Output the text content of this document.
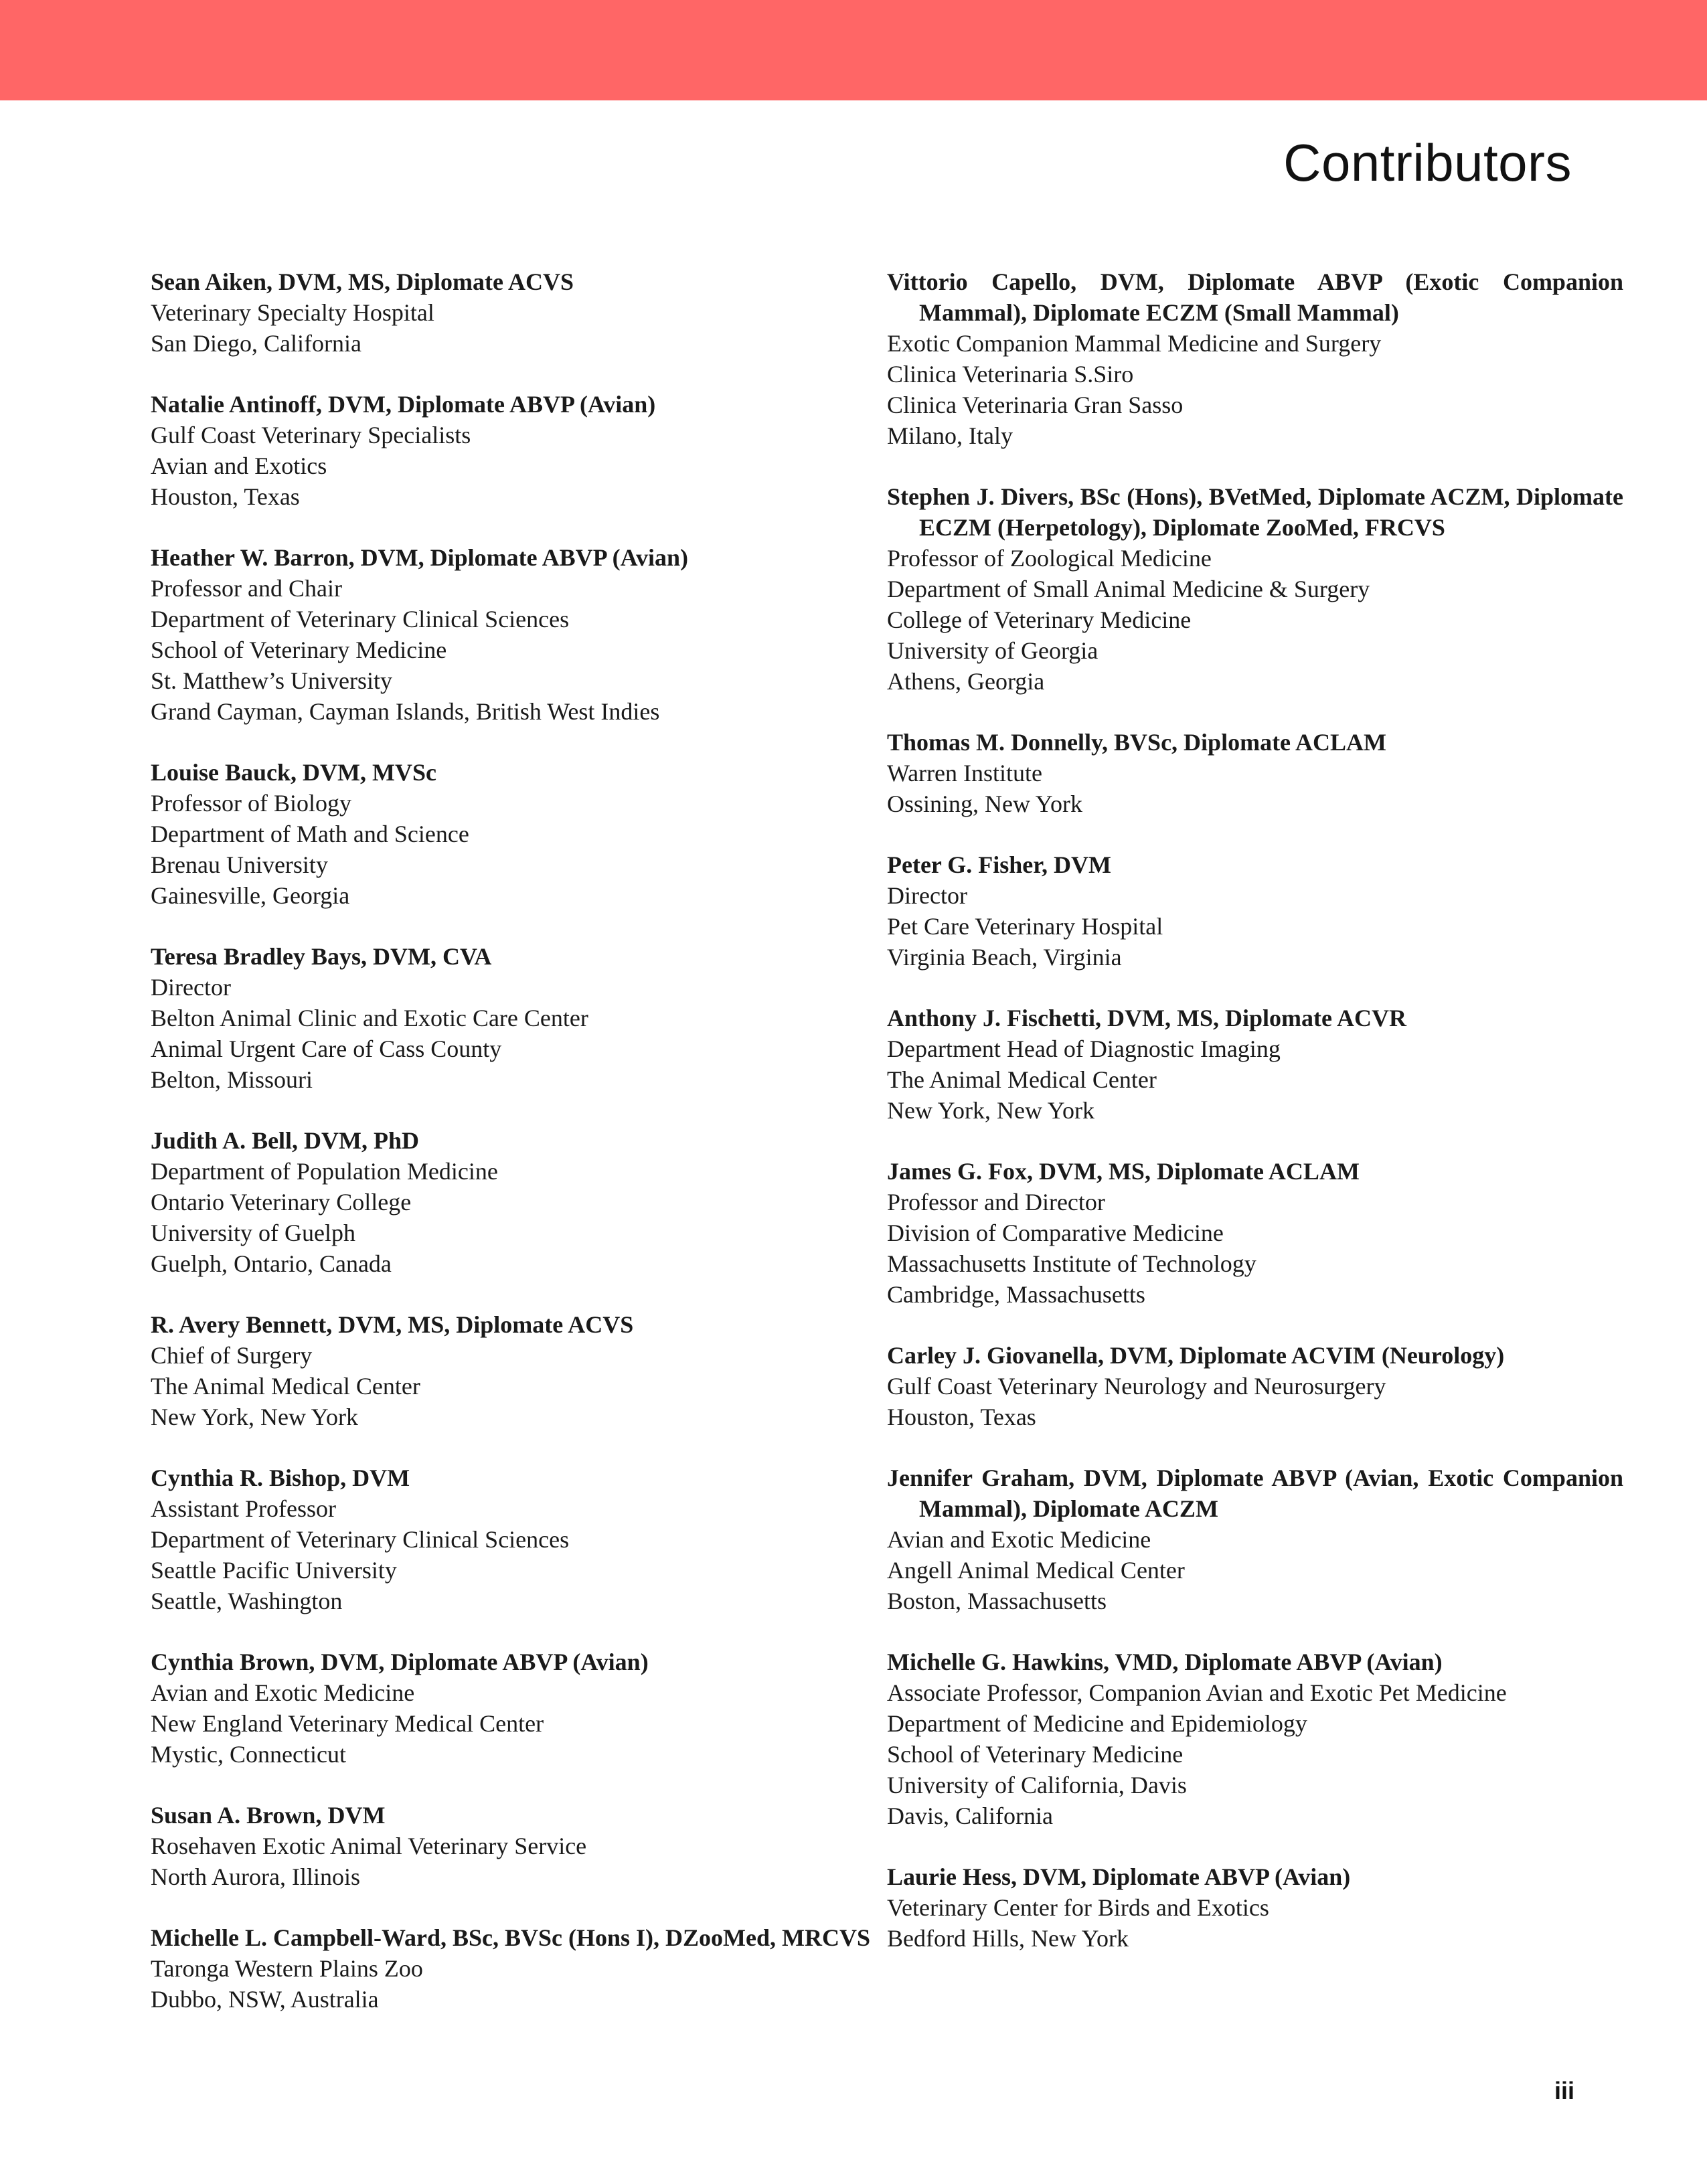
Contributors
Sean Aiken, DVM, MS, Diplomate ACVS
Veterinary Specialty Hospital
San Diego, California
Natalie Antinoff, DVM, Diplomate ABVP (Avian)
Gulf Coast Veterinary Specialists
Avian and Exotics
Houston, Texas
Heather W. Barron, DVM, Diplomate ABVP (Avian)
Professor and Chair
Department of Veterinary Clinical Sciences
School of Veterinary Medicine
St. Matthew’s University
Grand Cayman, Cayman Islands, British West Indies
Louise Bauck, DVM, MVSc
Professor of Biology
Department of Math and Science
Brenau University
Gainesville, Georgia
Teresa Bradley Bays, DVM, CVA
Director
Belton Animal Clinic and Exotic Care Center
Animal Urgent Care of Cass County
Belton, Missouri
Judith A. Bell, DVM, PhD
Department of Population Medicine
Ontario Veterinary College
University of Guelph
Guelph, Ontario, Canada
R. Avery Bennett, DVM, MS, Diplomate ACVS
Chief of Surgery
The Animal Medical Center
New York, New York
Cynthia R. Bishop, DVM
Assistant Professor
Department of Veterinary Clinical Sciences
Seattle Pacific University
Seattle, Washington
Cynthia Brown, DVM, Diplomate ABVP (Avian)
Avian and Exotic Medicine
New England Veterinary Medical Center
Mystic, Connecticut
Susan A. Brown, DVM
Rosehaven Exotic Animal Veterinary Service
North Aurora, Illinois
Michelle L. Campbell-Ward, BSc, BVSc (Hons I), DZooMed, MRCVS
Taronga Western Plains Zoo
Dubbo, NSW, Australia
Vittorio Capello, DVM, Diplomate ABVP (Exotic Companion Mammal), Diplomate ECZM (Small Mammal)
Exotic Companion Mammal Medicine and Surgery
Clinica Veterinaria S.Siro
Clinica Veterinaria Gran Sasso
Milano, Italy
Stephen J. Divers, BSc (Hons), BVetMed, Diplomate ACZM, Diplomate ECZM (Herpetology), Diplomate ZooMed, FRCVS
Professor of Zoological Medicine
Department of Small Animal Medicine & Surgery
College of Veterinary Medicine
University of Georgia
Athens, Georgia
Thomas M. Donnelly, BVSc, Diplomate ACLAM
Warren Institute
Ossining, New York
Peter G. Fisher, DVM
Director
Pet Care Veterinary Hospital
Virginia Beach, Virginia
Anthony J. Fischetti, DVM, MS, Diplomate ACVR
Department Head of Diagnostic Imaging
The Animal Medical Center
New York, New York
James G. Fox, DVM, MS, Diplomate ACLAM
Professor and Director
Division of Comparative Medicine
Massachusetts Institute of Technology
Cambridge, Massachusetts
Carley J. Giovanella, DVM, Diplomate ACVIM (Neurology)
Gulf Coast Veterinary Neurology and Neurosurgery
Houston, Texas
Jennifer Graham, DVM, Diplomate ABVP (Avian, Exotic Companion Mammal), Diplomate ACZM
Avian and Exotic Medicine
Angell Animal Medical Center
Boston, Massachusetts
Michelle G. Hawkins, VMD, Diplomate ABVP (Avian)
Associate Professor, Companion Avian and Exotic Pet Medicine
Department of Medicine and Epidemiology
School of Veterinary Medicine
University of California, Davis
Davis, California
Laurie Hess, DVM, Diplomate ABVP (Avian)
Veterinary Center for Birds and Exotics
Bedford Hills, New York
iii
